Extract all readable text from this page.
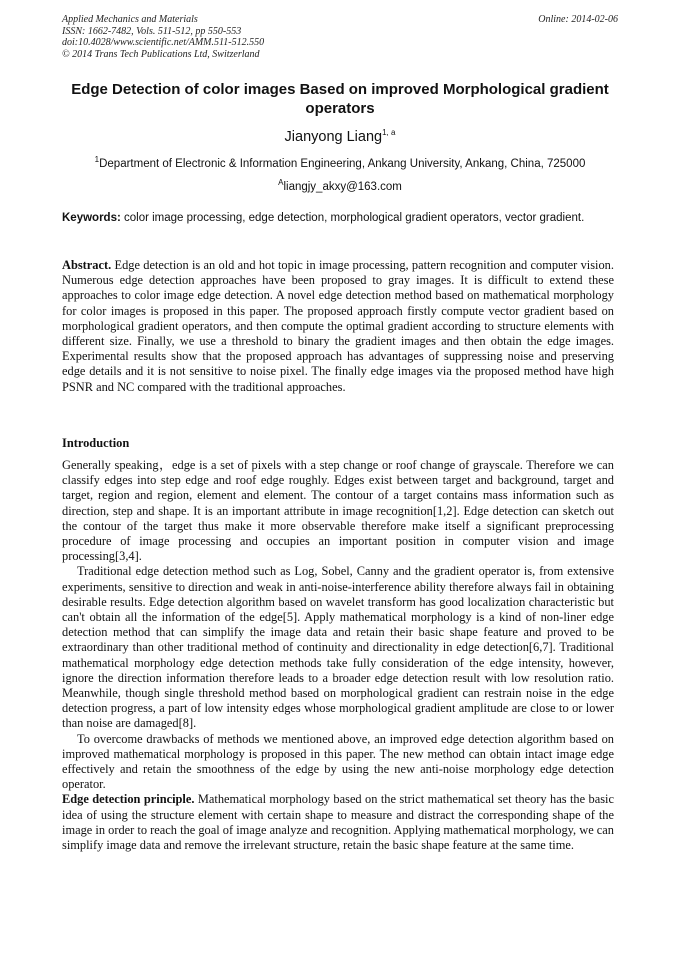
Applied Mechanics and Materials
ISSN: 1662-7482, Vols. 511-512, pp 550-553
doi:10.4028/www.scientific.net/AMM.511-512.550
© 2014 Trans Tech Publications Ltd, Switzerland
Online: 2014-02-06
Edge Detection of color images Based on improved Morphological gradient operators
Jianyong Liang$^{1, a}$
$^1$Department of Electronic & Information Engineering, Ankang University, Ankang, China, 725000
$^A$liangjy_akxy@163.com
Keywords: color image processing, edge detection, morphological gradient operators, vector gradient.
Abstract. Edge detection is an old and hot topic in image processing, pattern recognition and computer vision. Numerous edge detection approaches have been proposed to gray images. It is difficult to extend these approaches to color image edge detection. A novel edge detection method based on mathematical morphology for color images is proposed in this paper. The proposed approach firstly compute vector gradient based on morphological gradient operators, and then compute the optimal gradient according to structure elements with different size. Finally, we use a threshold to binary the gradient images and then obtain the edge images. Experimental results show that the proposed approach has advantages of suppressing noise and preserving edge details and it is not sensitive to noise pixel. The finally edge images via the proposed method have high PSNR and NC compared with the traditional approaches.
Introduction

Generally speaking，edge is a set of pixels with a step change or roof change of grayscale. Therefore we can classify edges into step edge and roof edge roughly. Edges exist between target and background, target and target, region and region, element and element. The contour of a target contains mass information such as direction, step and shape. It is an important attribute in image recognition[1,2]. Edge detection can sketch out the contour of the target thus make it more observable therefore make itself a significant preprocessing procedure of image processing and occupies an important position in computer vision and image processing[3,4].

Traditional edge detection method such as Log, Sobel, Canny and the gradient operator is, from extensive experiments, sensitive to direction and weak in anti-noise-interference ability therefore always fail in obtaining desirable results. Edge detection algorithm based on wavelet transform has good localization characteristic but can't obtain all the information of the edge[5]. Apply mathematical morphology is a kind of non-liner edge detection method that can simplify the image data and retain their basic shape feature and proved to be extraordinary than other traditional method of continuity and directionality in edge detection[6,7]. Traditional mathematical morphology edge detection methods take fully consideration of the edge intensity, however, ignore the direction information therefore leads to a broader edge detection result with low resolution ratio. Meanwhile, though single threshold method based on morphological gradient can restrain noise in the edge detection progress, a part of low intensity edges whose morphological gradient amplitude are close to or lower than noise are damaged[8].

To overcome drawbacks of methods we mentioned above, an improved edge detection algorithm based on improved mathematical morphology is proposed in this paper. The new method can obtain intact image edge effectively and retain the smoothness of the edge by using the new anti-noise morphology edge detection operator.

Edge detection principle. Mathematical morphology based on the strict mathematical set theory has the basic idea of using the structure element with certain shape to measure and distract the corresponding shape of the image in order to reach the goal of image analyze and recognition. Applying mathematical morphology, we can simplify image data and remove the irrelevant structure, retain the basic shape feature at the same time.
